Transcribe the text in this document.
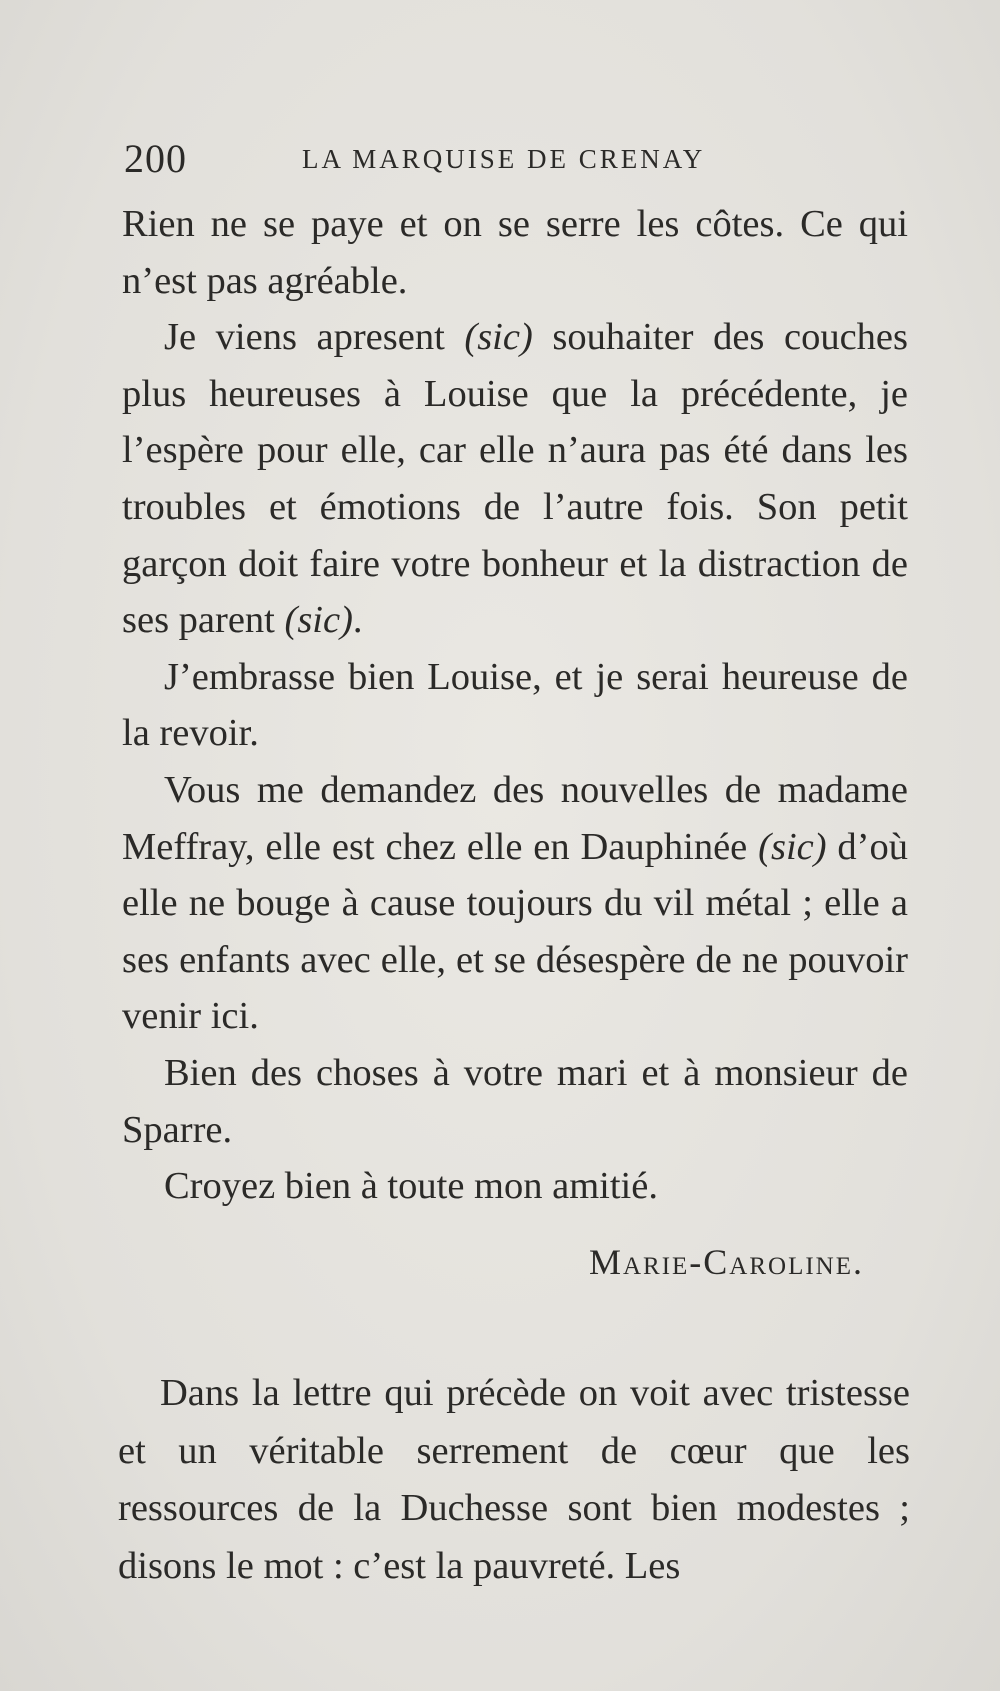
200	LA MARQUISE DE CRENAY

Rien ne se paye et on se serre les côtes. Ce qui n’est pas agréable.

Je viens apresent (sic) souhaiter des couches plus heureuses à Louise que la précédente, je l’espère pour elle, car elle n’aura pas été dans les troubles et émotions de l’autre fois. Son petit garçon doit faire votre bonheur et la distraction de ses parent (sic).

J’embrasse bien Louise, et je serai heureuse de la revoir.

Vous me demandez des nouvelles de madame Meffray, elle est chez elle en Dauphinée (sic) d’où elle ne bouge à cause toujours du vil métal ; elle a ses enfants avec elle, et se désespère de ne pouvoir venir ici.

Bien des choses à votre mari et à monsieur de Sparre.

Croyez bien à toute mon amitié.

Marie-Caroline.

Dans la lettre qui précède on voit avec tristesse et un véritable serrement de cœur que les ressources de la Duchesse sont bien modestes ; disons le mot : c’est la pauvreté. Les
